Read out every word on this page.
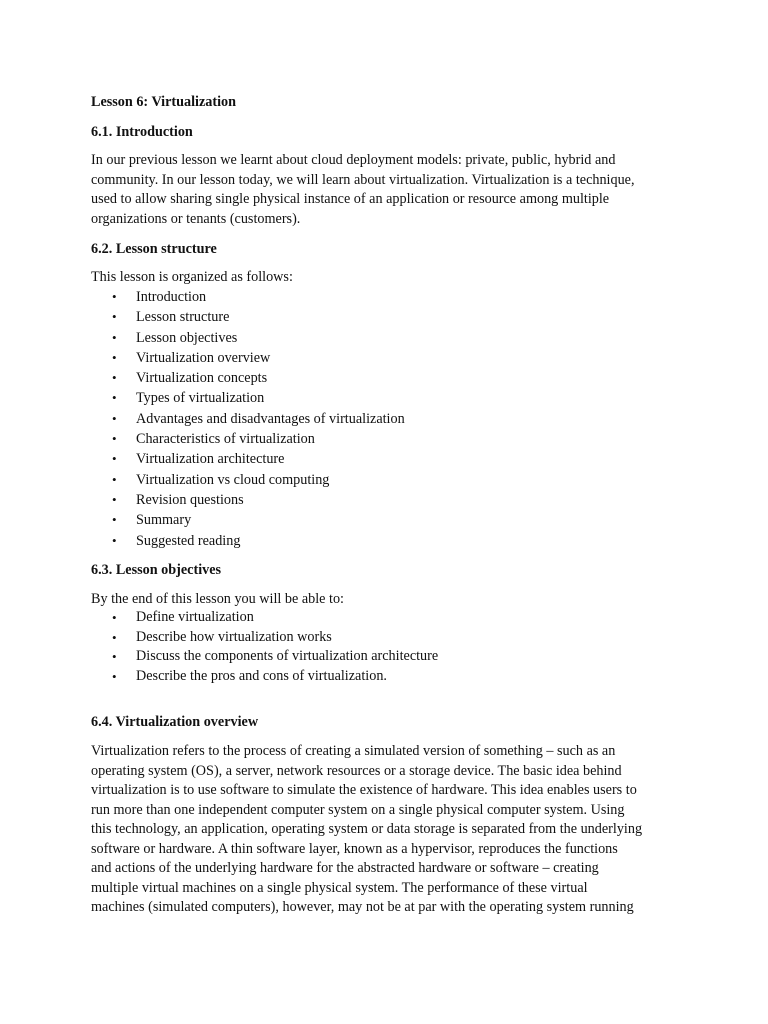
Lesson 6: Virtualization
6.1. Introduction
In our previous lesson we learnt about cloud deployment models: private, public, hybrid and
community. In our lesson today, we will learn about virtualization. Virtualization is a technique,
used to allow sharing single physical instance of an application or resource among multiple
organizations or tenants (customers).
6.2. Lesson structure
This lesson is organized as follows:
• Introduction
• Lesson structure
• Lesson objectives
• Virtualization overview
• Virtualization concepts
• Types of virtualization
• Advantages and disadvantages of virtualization
• Characteristics of virtualization
• Virtualization architecture
• Virtualization vs cloud computing
• Revision questions
• Summary
• Suggested reading
6.3. Lesson objectives
By the end of this lesson you will be able to:
• Define virtualization
• Describe how virtualization works
• Discuss the components of virtualization architecture
• Describe the pros and cons of virtualization.
6.4. Virtualization overview
Virtualization refers to the process of creating a simulated version of something – such as an
operating system (OS), a server, network resources or a storage device. The basic idea behind
virtualization is to use software to simulate the existence of hardware. This idea enables users to
run more than one independent computer system on a single physical computer system. Using
this technology, an application, operating system or data storage is separated from the underlying
software or hardware. A thin software layer, known as a hypervisor, reproduces the functions
and actions of the underlying hardware for the abstracted hardware or software – creating
multiple virtual machines on a single physical system. The performance of these virtual
machines (simulated computers), however, may not be at par with the operating system running
